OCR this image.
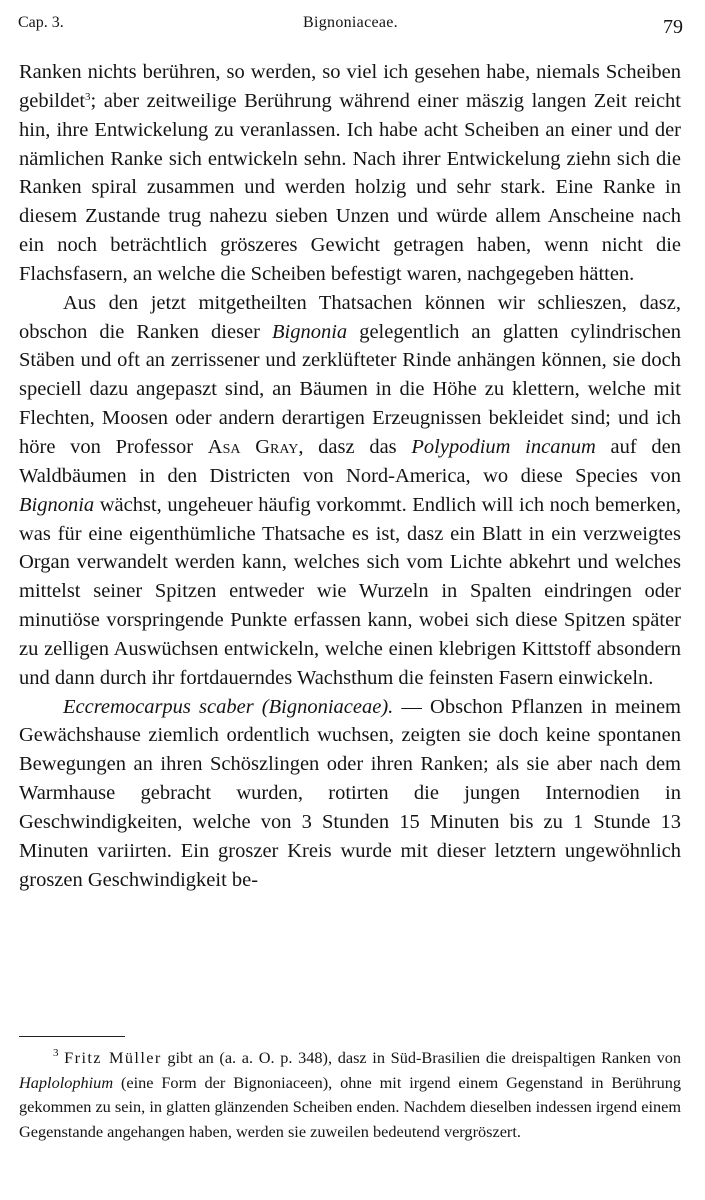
Cap. 3.	Bignoniaceae.	79

Ranken nichts berühren, so werden, so viel ich gesehen habe, niemals Scheiben gebildet$^3$; aber zeitweilige Berührung während einer mäszig langen Zeit reicht hin, ihre Entwickelung zu veranlassen. Ich habe acht Scheiben an einer und der nämlichen Ranke sich entwickeln sehn. Nach ihrer Entwickelung ziehn sich die Ranken spiral zusammen und werden holzig und sehr stark. Eine Ranke in diesem Zustande trug nahezu sieben Unzen und würde allem Anscheine nach ein noch beträchtlich gröszeres Gewicht getragen haben, wenn nicht die Flachsfasern, an welche die Scheiben befestigt waren, nachgegeben hätten.

Aus den jetzt mitgetheilten Thatsachen können wir schlieszen, dasz, obschon die Ranken dieser Bignonia gelegentlich an glatten cylindrischen Stäben und oft an zerrissener und zerklüfteter Rinde anhängen können, sie doch speciell dazu angepaszt sind, an Bäumen in die Höhe zu klettern, welche mit Flechten, Moosen oder andern derartigen Erzeugnissen bekleidet sind; und ich höre von Professor Asa Gray, dasz das Polypodium incanum auf den Waldbäumen in den Districten von Nord-America, wo diese Species von Bignonia wächst, ungeheuer häufig vorkommt. Endlich will ich noch bemerken, was für eine eigenthümliche Thatsache es ist, dasz ein Blatt in ein verzweigtes Organ verwandelt werden kann, welches sich vom Lichte abkehrt und welches mittelst seiner Spitzen entweder wie Wurzeln in Spalten eindringen oder minutiöse vorspringende Punkte erfassen kann, wobei sich diese Spitzen später zu zelligen Auswüchsen entwickeln, welche einen klebrigen Kittstoff absondern und dann durch ihr fortdauerndes Wachsthum die feinsten Fasern einwickeln.

Eccremocarpus scaber (Bignoniaceae). — Obschon Pflanzen in meinem Gewächshause ziemlich ordentlich wuchsen, zeigten sie doch keine spontanen Bewegungen an ihren Schöszlingen oder ihren Ranken; als sie aber nach dem Warmhause gebracht wurden, rotirten die jungen Internodien in Geschwindigkeiten, welche von 3 Stunden 15 Minuten bis zu 1 Stunde 13 Minuten variirten. Ein groszer Kreis wurde mit dieser letztern ungewöhnlich groszen Geschwindigkeit be-

$^3$ Fritz Müller gibt an (a. a. O. p. 348), dasz in Süd-Brasilien die dreispaltigen Ranken von Haplolophium (eine Form der Bignoniaceen), ohne mit irgend einem Gegenstand in Berührung gekommen zu sein, in glatten glänzenden Scheiben enden. Nachdem dieselben indessen irgend einem Gegenstande angehangen haben, werden sie zuweilen bedeutend vergröszert.
